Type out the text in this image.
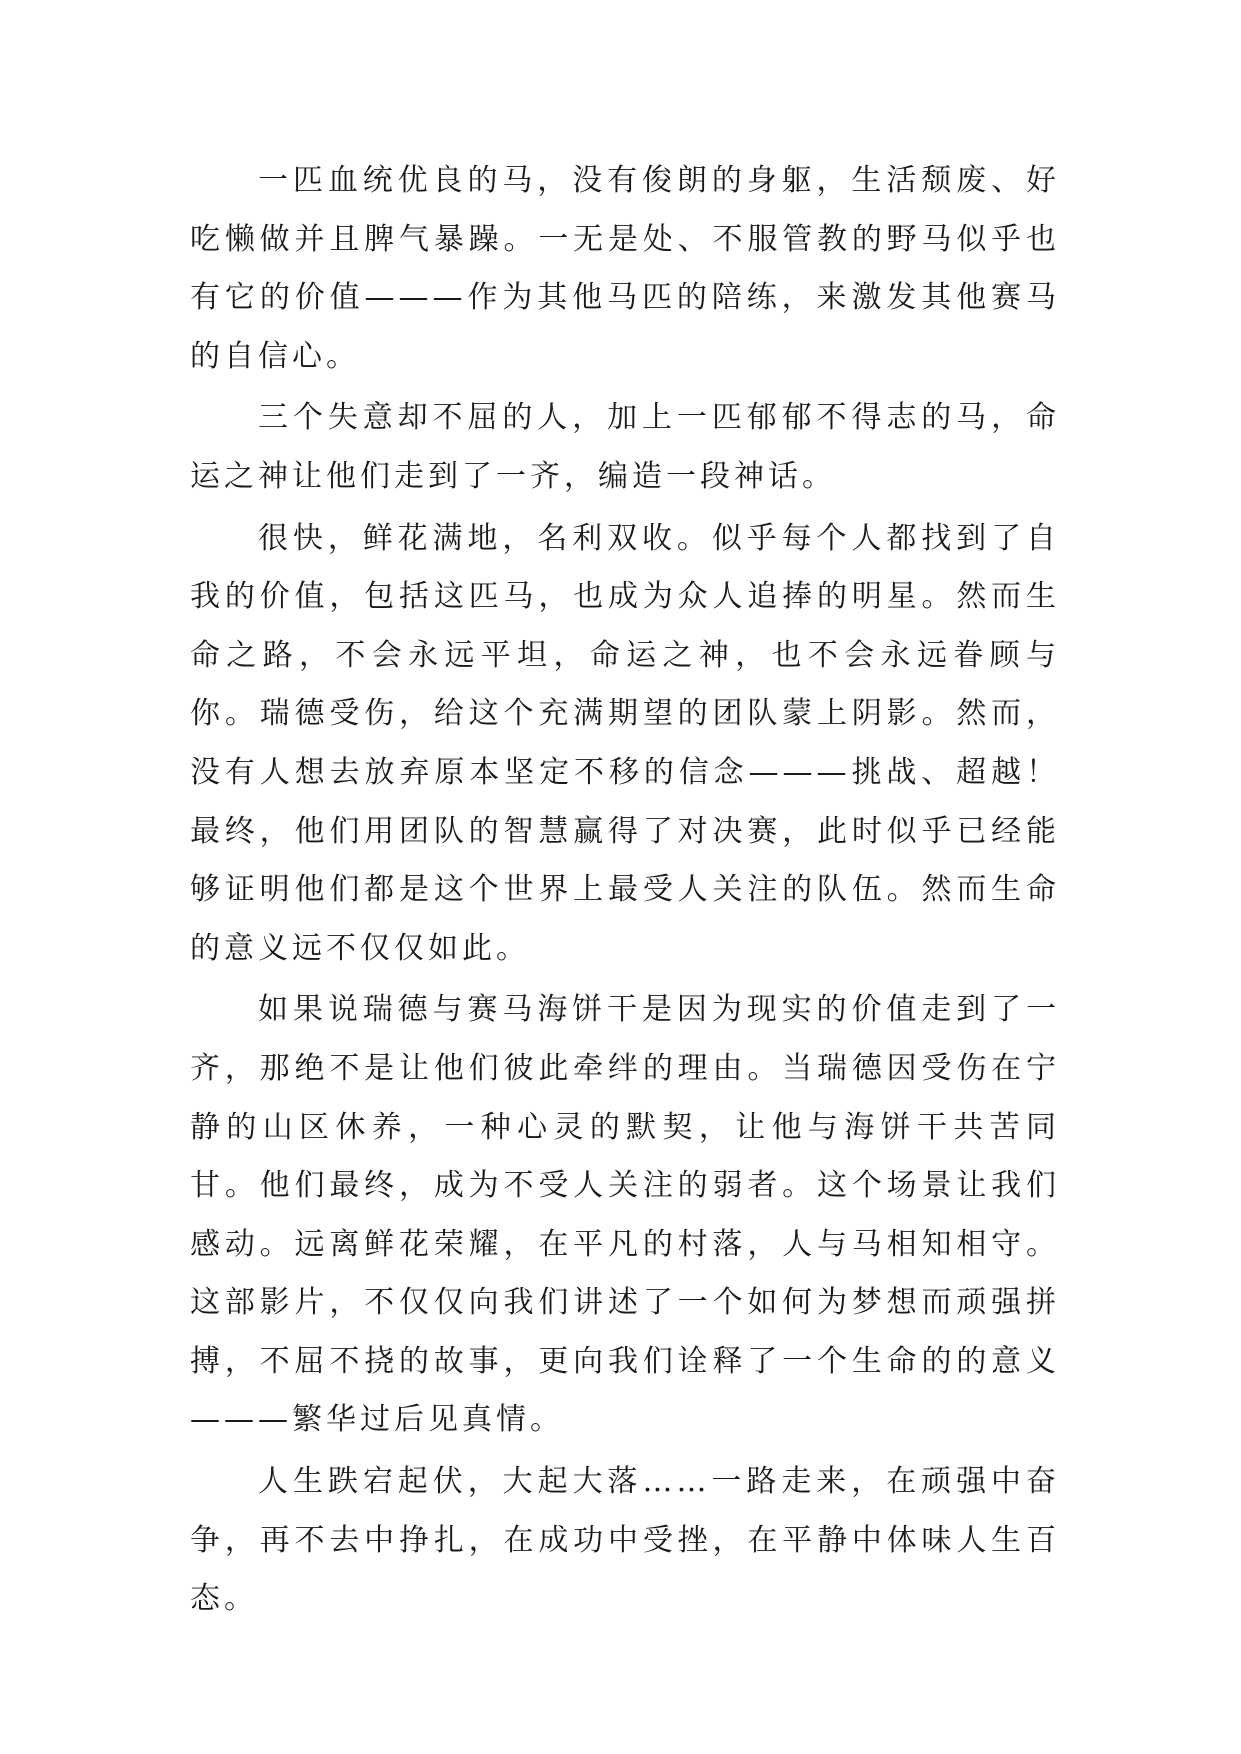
一匹血统优良的马，没有俊朗的身躯，生活颓废、好吃懒做并且脾气暴躁。一无是处、不服管教的野马似乎也有它的价值———作为其他马匹的陪练，来激发其他赛马的自信心。

三个失意却不屈的人，加上一匹郁郁不得志的马，命运之神让他们走到了一齐，编造一段神话。

很快，鲜花满地，名利双收。似乎每个人都找到了自我的价值，包括这匹马，也成为众人追捧的明星。然而生命之路，不会永远平坦，命运之神，也不会永远眷顾与你。瑞德受伤，给这个充满期望的团队蒙上阴影。然而，没有人想去放弃原本坚定不移的信念———挑战、超越！最终，他们用团队的智慧赢得了对决赛，此时似乎已经能够证明他们都是这个世界上最受人关注的队伍。然而生命的意义远不仅仅如此。

如果说瑞德与赛马海饼干是因为现实的价值走到了一齐，那绝不是让他们彼此牵绊的理由。当瑞德因受伤在宁静的山区休养，一种心灵的默契，让他与海饼干共苦同甘。他们最终，成为不受人关注的弱者。这个场景让我们感动。远离鲜花荣耀，在平凡的村落，人与马相知相守。这部影片，不仅仅向我们讲述了一个如何为梦想而顽强拼搏，不屈不挠的故事，更向我们诠释了一个生命的的意义———繁华过后见真情。

人生跌宕起伏，大起大落……一路走来，在顽强中奋争，再不去中挣扎，在成功中受挫，在平静中体味人生百态。
